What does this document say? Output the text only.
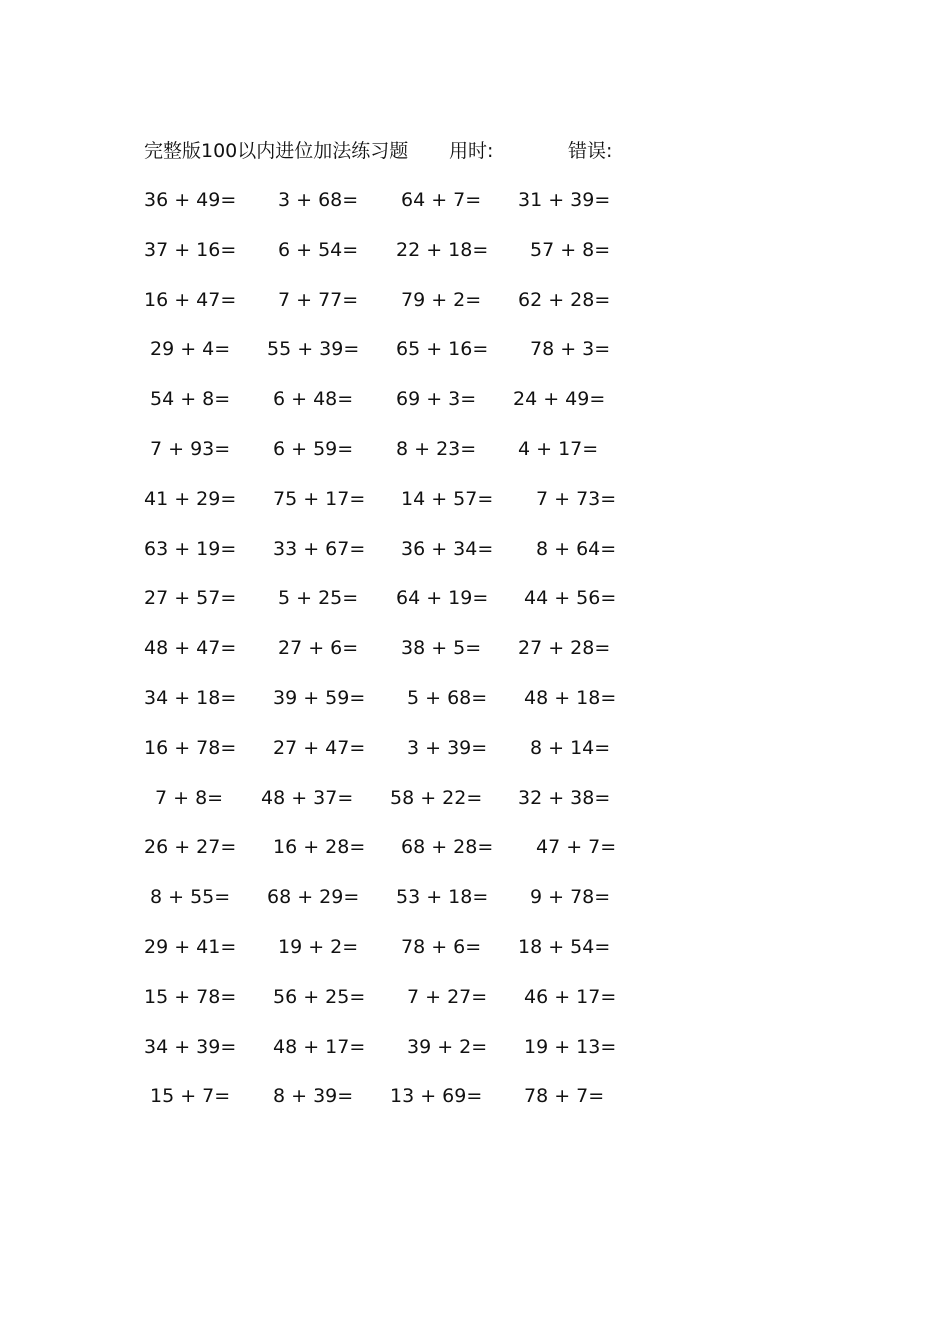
完整版100以内进位加法练习题 用时:	错误:
36 + 49= 3 + 68= 64 + 7= 31 + 39=
37 + 16= 6 + 54= 22 + 18= 57 + 8=
16 + 47= 7 + 77= 79 + 2= 62 + 28=
29 + 4= 55 + 39= 65 + 16= 78 + 3=
54 + 8= 6 + 48= 69 + 3= 24 + 49=
7 + 93= 6 + 59= 8 + 23= 4 + 17=
41 + 29= 75 + 17= 14 + 57= 7 + 73=
63 + 19= 33 + 67= 36 + 34= 8 + 64=
27 + 57= 5 + 25= 64 + 19= 44 + 56=
48 + 47= 27 + 6= 38 + 5= 27 + 28=
34 + 18= 39 + 59= 5 + 68= 48 + 18=
16 + 78= 27 + 47= 3 + 39= 8 + 14=
7 + 8= 48 + 37= 58 + 22= 32 + 38=
26 + 27= 16 + 28= 68 + 28= 47 + 7=
8 + 55= 68 + 29= 53 + 18= 9 + 78=
29 + 41= 19 + 2= 78 + 6= 18 + 54=
15 + 78= 56 + 25= 7 + 27= 46 + 17=
34 + 39= 48 + 17= 39 + 2= 19 + 13=
15 + 7= 8 + 39= 13 + 69= 78 + 7=
